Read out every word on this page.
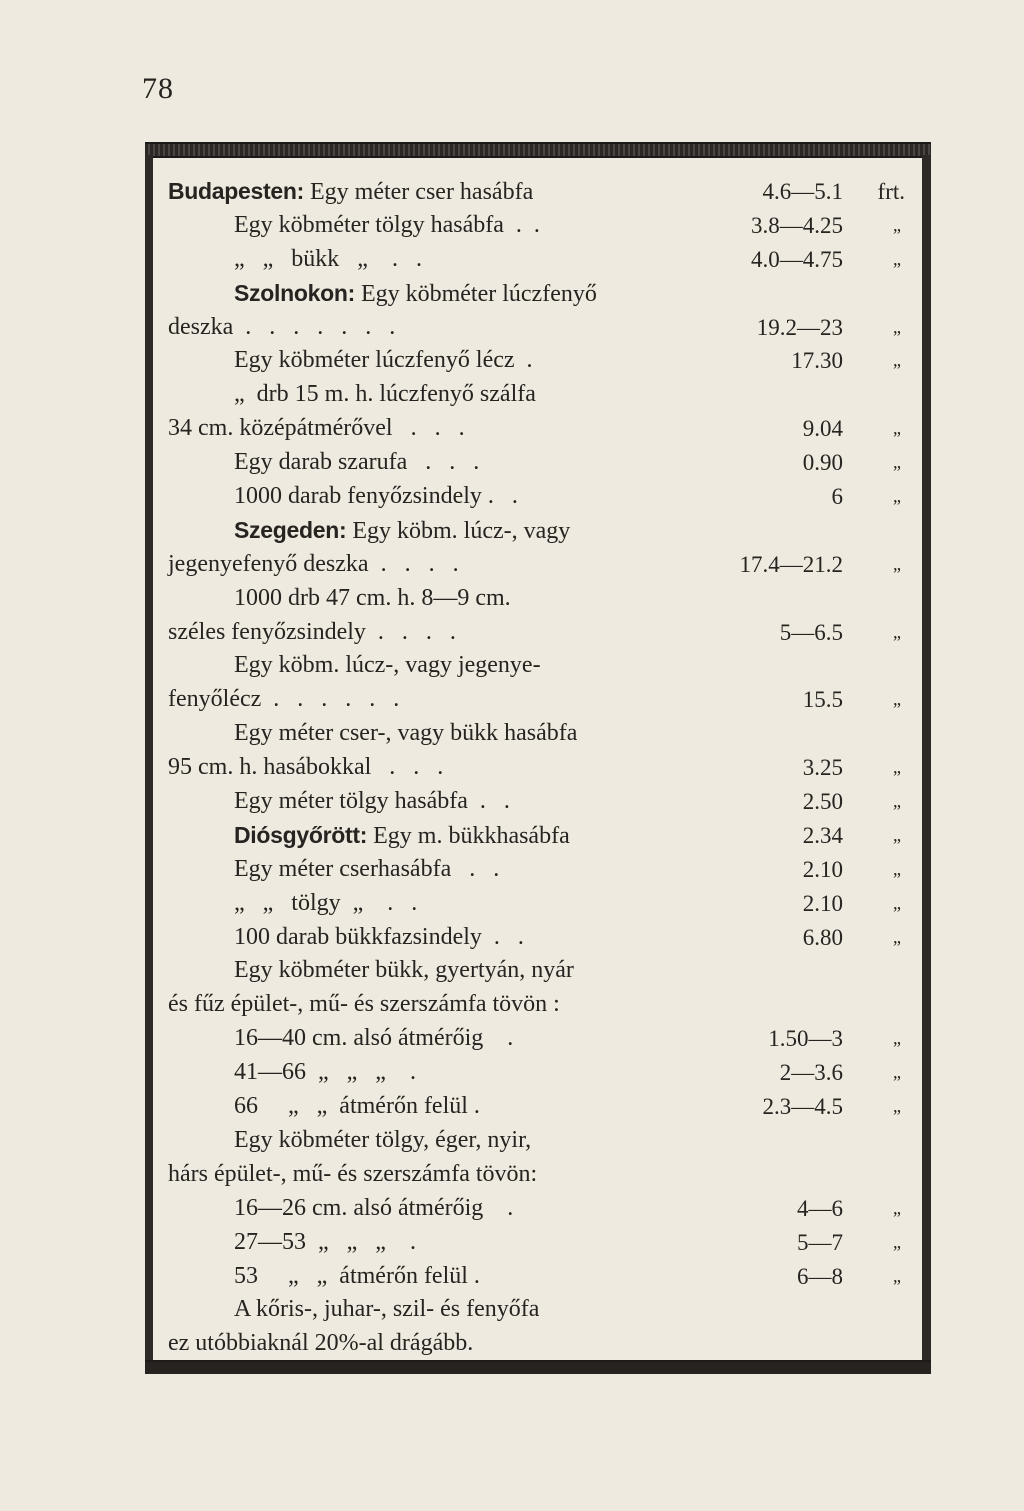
78
Budapesten: Egy méter cser hasábfa	4.6—5.1 frt.
Egy köbméter tölgy hasábfa  .  .	3.8—4.25	„
„   „   bükk   „    .   .	4.0—4.75	„
Szolnokon: Egy köbméter lúczfenyő
deszka  .   .   .   .   .   .   .	19.2—23	„
Egy köbméter lúczfenyő lécz  .	17.30	„
„  drb 15 m. h. lúczfenyő szálfa
34 cm. középátmérővel   .   .   .	9.04	„
Egy darab szarufa   .   .   .	0.90	„
1000 darab fenyőzsindely .   .	6	„
Szegeden: Egy köbm. lúcz-, vagy
jegenyefenyő deszka  .   .   .   .	17.4—21.2	„
1000 drb 47 cm. h. 8—9 cm.
széles fenyőzsindely  .   .   .   .	5—6.5	„
Egy köbm. lúcz-, vagy jegenye-
fenyőlécz  .   .   .   .   .   .	15.5	„
Egy méter cser-, vagy bükk hasábfa
95 cm. h. hasábokkal   .   .   .	3.25	„
Egy méter tölgy hasábfa  .   .	2.50	„
Diósgyőrött: Egy m. bükkhasábfa	2.34	„
Egy méter cserhasábfa   .   .	2.10	„
„   „   tölgy  „    .   .	2.10	„
100 darab bükkfazsindely  .   .	6.80	„
Egy köbméter bükk, gyertyán, nyár
és fűz épület-, mű- és szerszámfa tövön :
16—40 cm. alsó átmérőig    .	1.50—3	„
41—66  „   „   „    .	2—3.6	„
66     „   „  átmérőn felül .	2.3—4.5	„
Egy köbméter tölgy, éger, nyir,
hárs épület-, mű- és szerszámfa tövön:
16—26 cm. alsó átmérőig    .	4—6	„
27—53  „   „   „    .	5—7	„
53     „   „  átmérőn felül .	6—8	„
A kőris-, juhar-, szil- és fenyőfa
ez utóbbiaknál 20%-al drágább.
